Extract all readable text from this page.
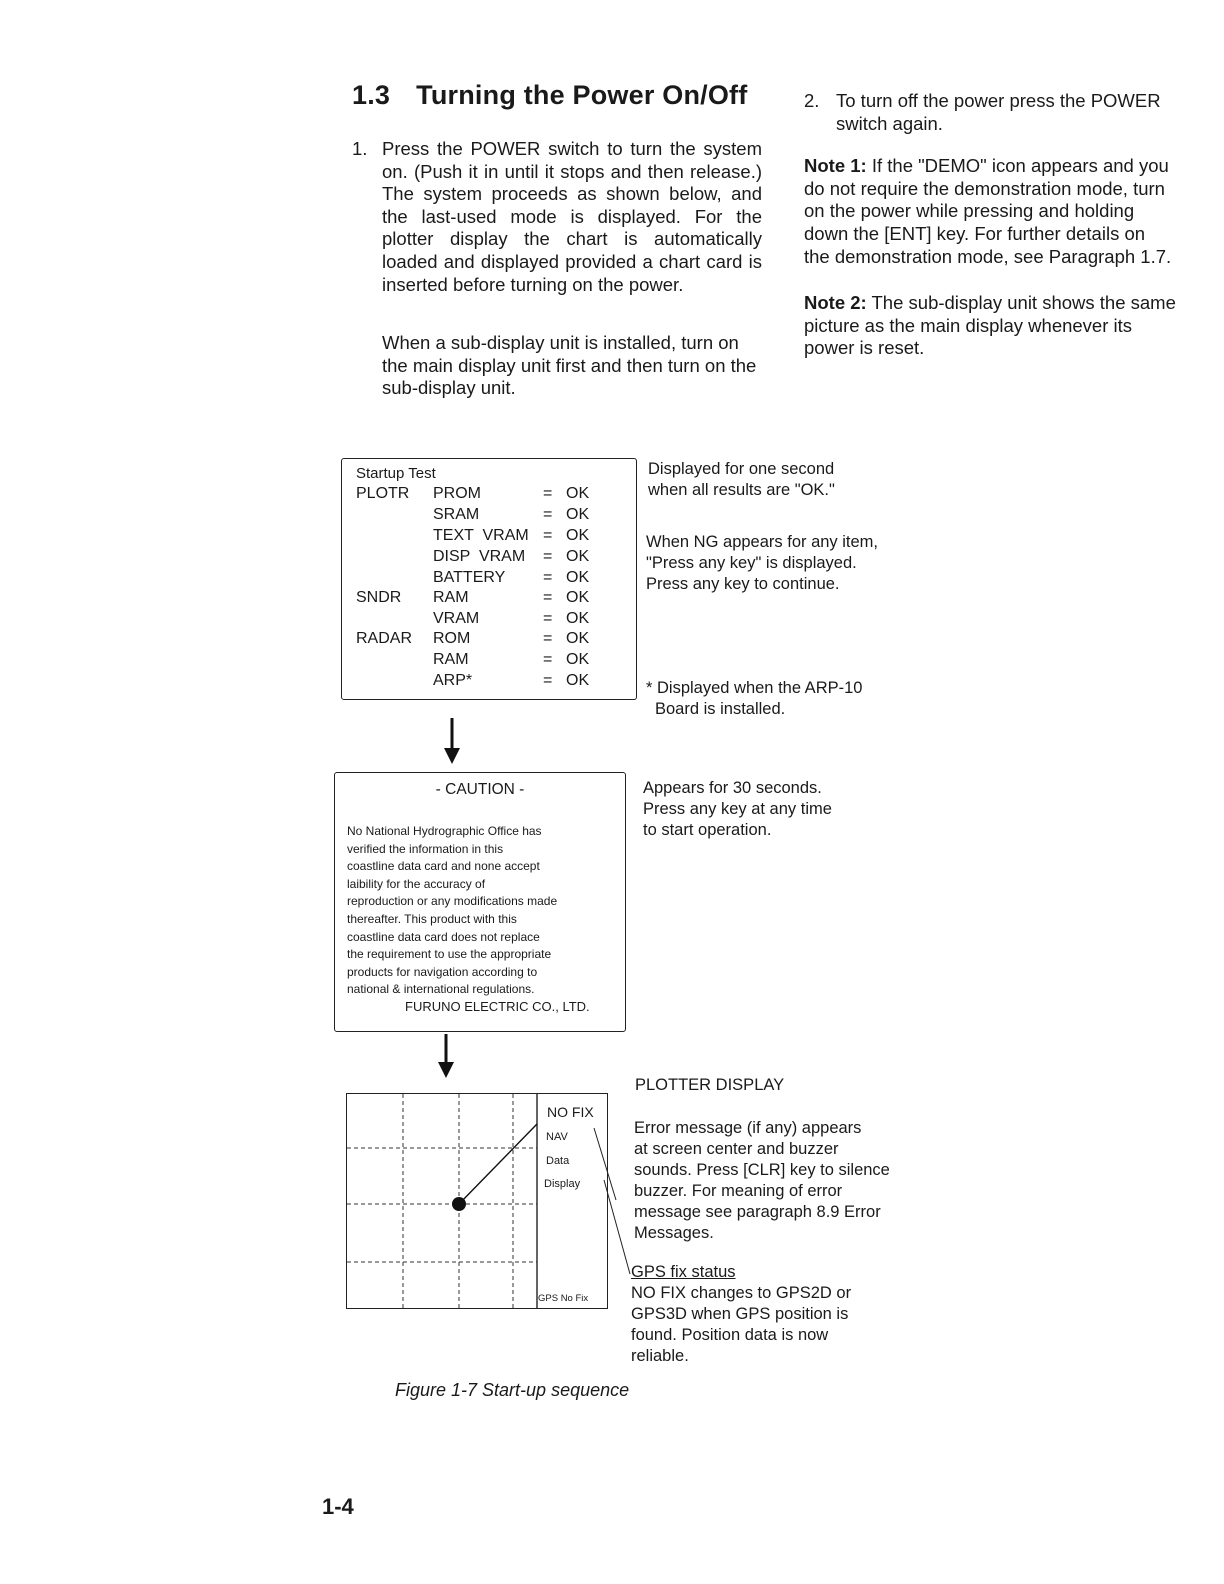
1.3 Turning the Power On/Off
1. Press the POWER switch to turn the system on. (Push it in until it stops and then release.) The system proceeds as shown below, and the last-used mode is displayed. For the plotter display the chart is automatically loaded and displayed provided a chart card is inserted before turning on the power.
When a sub-display unit is installed, turn on the main display unit first and then turn on the sub-display unit.

2. To turn off the power press the POWER

switch again.

Note 1: If the "DEMO" icon appears and you

do not require the demonstration mode, turn

on the power while pressing and holding

down the [ENT] key. For further details on

the demonstration mode, see Paragraph 1.7.

Note 2: The sub-display unit shows the same

picture as the main display whenever its

power is reset.

Startup Test
PLOTR PROM	= OK
SRAM	= OK
TEXT  VRAM = OK
DISP  VRAM = OK
BATTERY = OK
SNDR RAM	= OK
VRAM	= OK
RADAR ROM	= OK
RAM	= OK
ARP*	= OK
Displayed for one second
when all results are "OK."
When NG appears for any item,
"Press any key" is displayed.
Press any key to continue.
* Displayed when the ARP-10
Board is installed.
- CAUTION -
No National Hydrographic Office has
verified the information in this
coastline data card and none accept
laibility for the accuracy of
reproduction or any modifications made
thereafter. This product with this
coastline data card does not replace
the requirement to use the appropriate
products for navigation according to
national & international regulations.
FURUNO ELECTRIC CO., LTD.
Appears for 30 seconds.
Press any key at any time
to start operation.
NO FIX
NAV
Data
Display
GPS No Fix
PLOTTER DISPLAY
Error message (if any) appears
at screen center and buzzer
sounds. Press [CLR] key to silence
buzzer. For meaning of error
message see paragraph 8.9 Error
Messages.
GPS fix status
NO FIX changes to GPS2D or
GPS3D when GPS position is
found. Position data is now
reliable.
Figure 1-7 Start-up sequence
1-4
